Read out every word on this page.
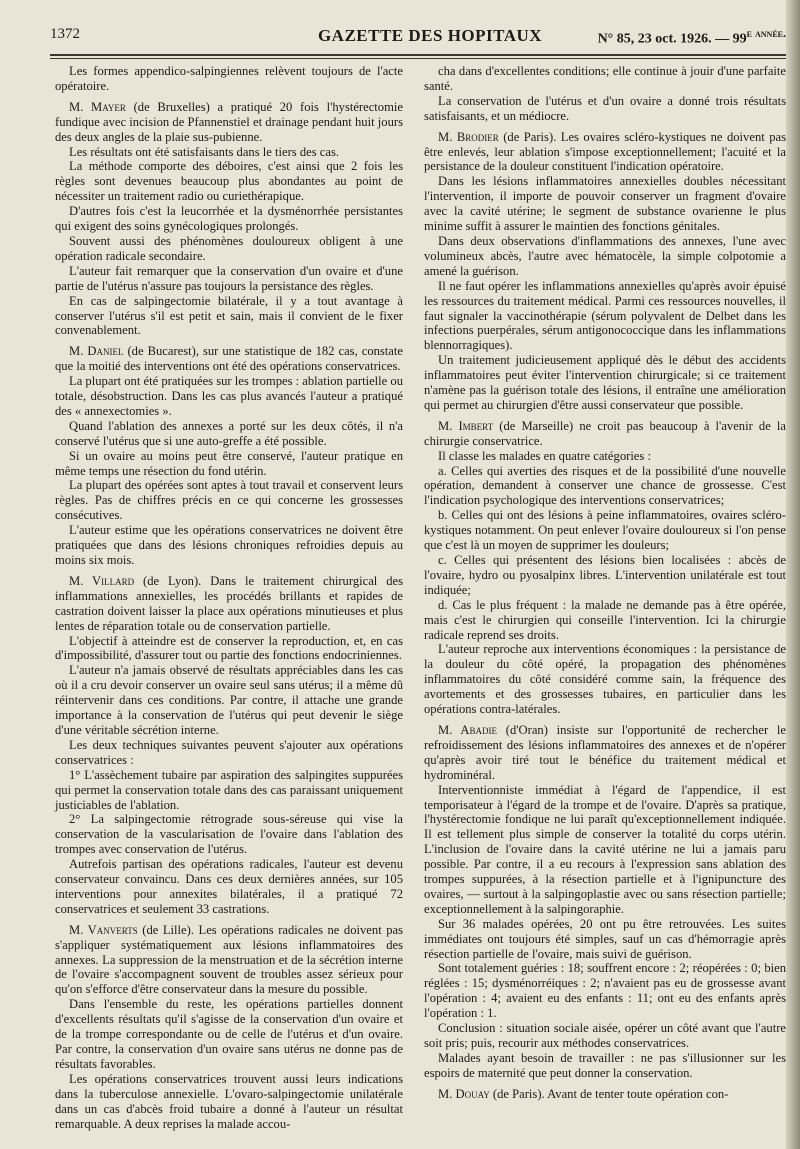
1372	GAZETTE DES HOPITAUX	N° 85, 23 oct. 1926. — $99^{e année.}$

Les formes appendico-salpingiennes relèvent toujours de l'acte opératoire.

M. Mayer (de Bruxelles) a pratiqué 20 fois l'hystérectomie fundique avec incision de Pfannenstiel et drainage pendant huit jours des deux angles de la plaie sus-pubienne.

Les résultats ont été satisfaisants dans le tiers des cas.

La méthode comporte des déboires, c'est ainsi que 2 fois les règles sont devenues beaucoup plus abondantes au point de nécessiter un traitement radio ou curiethérapique.

D'autres fois c'est la leucorrhée et la dysménorrhée persistantes qui exigent des soins gynécologiques prolongés.

Souvent aussi des phénomènes douloureux obligent à une opération radicale secondaire.

L'auteur fait remarquer que la conservation d'un ovaire et d'une partie de l'utérus n'assure pas toujours la persistance des règles.

En cas de salpingectomie bilatérale, il y a tout avantage à conserver l'utérus s'il est petit et sain, mais il convient de le fixer convenablement.

M. Daniel (de Bucarest), sur une statistique de 182 cas, constate que la moitié des interventions ont été des opérations conservatrices.

La plupart ont été pratiquées sur les trompes : ablation partielle ou totale, désobstruction. Dans les cas plus avancés l'auteur a pratiqué des « annexectomies ».

Quand l'ablation des annexes a porté sur les deux côtés, il n'a conservé l'utérus que si une auto-greffe a été possible.

Si un ovaire au moins peut être conservé, l'auteur pratique en même temps une résection du fond utérin.

La plupart des opérées sont aptes à tout travail et conservent leurs règles. Pas de chiffres précis en ce qui concerne les grossesses consécutives.

L'auteur estime que les opérations conservatrices ne doivent être pratiquées que dans des lésions chroniques refroidies depuis au moins six mois.

M. Villard (de Lyon). Dans le traitement chirurgical des inflammations annexielles, les procédés brillants et rapides de castration doivent laisser la place aux opérations minutieuses et plus lentes de réparation totale ou de conservation partielle.

L'objectif à atteindre est de conserver la reproduction, et, en cas d'impossibilité, d'assurer tout ou partie des fonctions endocriniennes.

L'auteur n'a jamais observé de résultats appréciables dans les cas où il a cru devoir conserver un ovaire seul sans utérus; il a même dû réintervenir dans ces conditions. Par contre, il attache une grande importance à la conservation de l'utérus qui peut devenir le siège d'une véritable sécrétion interne.

Les deux techniques suivantes peuvent s'ajouter aux opérations conservatrices :

1° L'assèchement tubaire par aspiration des salpingites suppurées qui permet la conservation totale dans des cas paraissant uniquement justiciables de l'ablation.

2° La salpingectomie rétrograde sous-séreuse qui vise la conservation de la vascularisation de l'ovaire dans l'ablation des trompes avec conservation de l'utérus.

Autrefois partisan des opérations radicales, l'auteur est devenu conservateur convaincu. Dans ces deux dernières années, sur 105 interventions pour annexites bilatérales, il a pratiqué 72 conservatrices et seulement 33 castrations.

M. Vanverts (de Lille). Les opérations radicales ne doivent pas s'appliquer systématiquement aux lésions inflammatoires des annexes. La suppression de la menstruation et de la sécrétion interne de l'ovaire s'accompagnent souvent de troubles assez sérieux pour qu'on s'efforce d'être conservateur dans la mesure du possible.

Dans l'ensemble du reste, les opérations partielles donnent d'excellents résultats qu'il s'agisse de la conservation d'un ovaire et de la trompe correspondante ou de celle de l'utérus et d'un ovaire. Par contre, la conservation d'un ovaire sans utérus ne donne pas de résultats favorables.

Les opérations conservatrices trouvent aussi leurs indications dans la tuberculose annexielle. L'ovaro-salpingectomie unilatérale dans un cas d'abcès froid tubaire a donné à l'auteur un résultat remarquable. A deux reprises la malade accou-

cha dans d'excellentes conditions; elle continue à jouir d'une parfaite santé.

La conservation de l'utérus et d'un ovaire a donné trois résultats satisfaisants, et un médiocre.

M. Brodier (de Paris). Les ovaires scléro-kystiques ne doivent pas être enlevés, leur ablation s'impose exceptionnellement; l'acuité et la persistance de la douleur constituent l'indication opératoire.

Dans les lésions inflammatoires annexielles doubles nécessitant l'intervention, il importe de pouvoir conserver un fragment d'ovaire avec la cavité utérine; le segment de substance ovarienne le plus minime suffit à assurer le maintien des fonctions génitales.

Dans deux observations d'inflammations des annexes, l'une avec volumineux abcès, l'autre avec hématocèle, la simple colpotomie a amené la guérison.

Il ne faut opérer les inflammations annexielles qu'après avoir épuisé les ressources du traitement médical. Parmi ces ressources nouvelles, il faut signaler la vaccinothérapie (sérum polyvalent de Delbet dans les infections puerpérales, sérum antigonococcique dans les inflammations blennorragiques).

Un traitement judicieusement appliqué dès le début des accidents inflammatoires peut éviter l'intervention chirurgicale; si ce traitement n'amène pas la guérison totale des lésions, il entraîne une amélioration qui permet au chirurgien d'être aussi conservateur que possible.

M. Imbert (de Marseille) ne croit pas beaucoup à l'avenir de la chirurgie conservatrice.

Il classe les malades en quatre catégories :

a. Celles qui averties des risques et de la possibilité d'une nouvelle opération, demandent à conserver une chance de grossesse. C'est l'indication psychologique des interventions conservatrices;

b. Celles qui ont des lésions à peine inflammatoires, ovaires scléro-kystiques notamment. On peut enlever l'ovaire douloureux si l'on pense que c'est là un moyen de supprimer les douleurs;

c. Celles qui présentent des lésions bien localisées : abcès de l'ovaire, hydro ou pyosalpinx libres. L'intervention unilatérale est tout indiquée;

d. Cas le plus fréquent : la malade ne demande pas à être opérée, mais c'est le chirurgien qui conseille l'intervention. Ici la chirurgie radicale reprend ses droits.

L'auteur reproche aux interventions économiques : la persistance de la douleur du côté opéré, la propagation des phénomènes inflammatoires du côté considéré comme sain, la fréquence des avortements et des grossesses tubaires, en particulier dans les opérations contra-latérales.

M. Abadie (d'Oran) insiste sur l'opportunité de rechercher le refroidissement des lésions inflammatoires des annexes et de n'opérer qu'après avoir tiré tout le bénéfice du traitement médical et hydrominéral.

Interventionniste immédiat à l'égard de l'appendice, il est temporisateur à l'égard de la trompe et de l'ovaire. D'après sa pratique, l'hystérectomie fondique ne lui paraît qu'exceptionnellement indiquée. Il est tellement plus simple de conserver la totalité du corps utérin. L'inclusion de l'ovaire dans la cavité utérine ne lui a jamais paru possible. Par contre, il a eu recours à l'expression sans ablation des trompes suppurées, à la résection partielle et à l'ignipuncture des ovaires, — surtout à la salpingoplastie avec ou sans résection partielle; exceptionnellement à la salpingoraphie.

Sur 36 malades opérées, 20 ont pu être retrouvées. Les suites immédiates ont toujours été simples, sauf un cas d'hémorragie après résection partielle de l'ovaire, mais suivi de guérison.

Sont totalement guéries : 18; souffrent encore : 2; réopérées : 0; bien réglées : 15; dysménorréiques : 2; n'avaient pas eu de grossesse avant l'opération : 4; avaient eu des enfants : 11; ont eu des enfants après l'opération : 1.

Conclusion : situation sociale aisée, opérer un côté avant que l'autre soit pris; puis, recourir aux méthodes conservatrices.

Malades ayant besoin de travailler : ne pas s'illusionner sur les espoirs de maternité que peut donner la conservation.

M. Douay (de Paris). Avant de tenter toute opération con-
